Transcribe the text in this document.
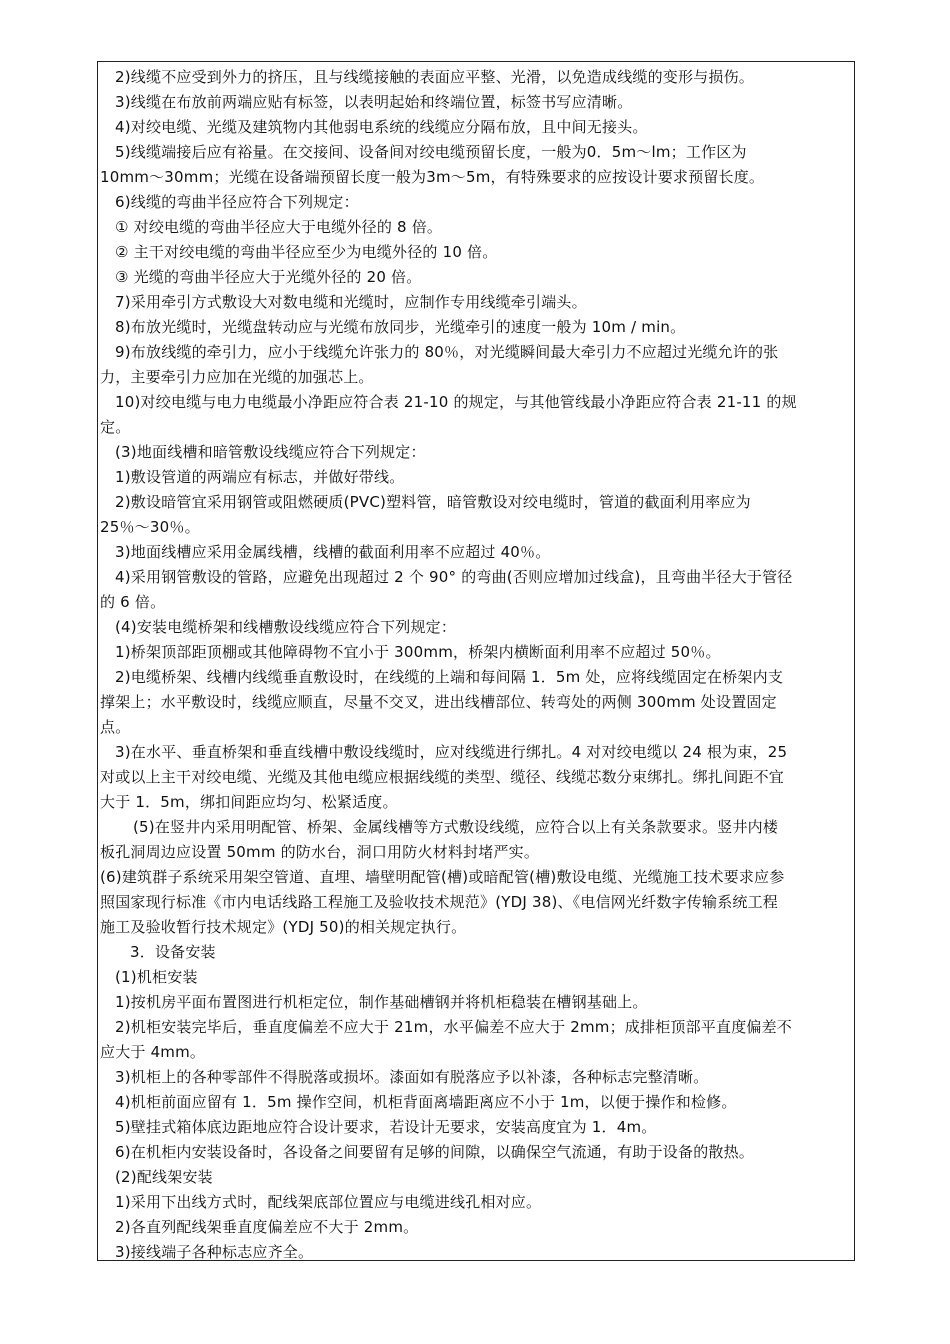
2)线缆不应受到外力的挤压，且与线缆接触的表面应平整、光滑，以免造成线缆的变形与损伤。
3)线缆在布放前两端应贴有标签，以表明起始和终端位置，标签书写应清晰。
4)对绞电缆、光缆及建筑物内其他弱电系统的线缆应分隔布放，且中间无接头。
5)线缆端接后应有裕量。在交接间、设备间对绞电缆预留长度，一般为0．5m～lm；工作区为
10mm～30mm；光缆在设备端预留长度一般为3m～5m，有特殊要求的应按设计要求预留长度。
6)线缆的弯曲半径应符合下列规定：
① 对绞电缆的弯曲半径应大于电缆外径的 8 倍。
② 主干对绞电缆的弯曲半径应至少为电缆外径的 10 倍。
③ 光缆的弯曲半径应大于光缆外径的 20 倍。
7)采用牵引方式敷设大对数电缆和光缆时，应制作专用线缆牵引端头。
8)布放光缆时，光缆盘转动应与光缆布放同步，光缆牵引的速度一般为 10m / min。
9)布放线缆的牵引力，应小于线缆允许张力的 80％，对光缆瞬间最大牵引力不应超过光缆允许的张
力，主要牵引力应加在光缆的加强芯上。
10)对绞电缆与电力电缆最小净距应符合表 21-10 的规定，与其他管线最小净距应符合表 21-11 的规
定。
(3)地面线槽和暗管敷设线缆应符合下列规定：
1)敷设管道的两端应有标志，并做好带线。
2)敷设暗管宜采用钢管或阻燃硬质(PVC)塑料管，暗管敷设对绞电缆时，管道的截面利用率应为
25％～30％。
3)地面线槽应采用金属线槽，线槽的截面利用率不应超过 40％。
4)采用钢管敷设的管路，应避免出现超过 2 个 90° 的弯曲(否则应增加过线盒)，且弯曲半径大于管径
的 6 倍。
(4)安装电缆桥架和线槽敷设线缆应符合下列规定：
1)桥架顶部距顶棚或其他障碍物不宜小于 300mm，桥架内横断面利用率不应超过 50％。
2)电缆桥架、线槽内线缆垂直敷设时，在线缆的上端和每间隔 1．5m 处，应将线缆固定在桥架内支
撑架上；水平敷设时，线缆应顺直，尽量不交叉，进出线槽部位、转弯处的两侧 300mm 处设置固定
点。
3)在水平、垂直桥架和垂直线槽中敷设线缆时，应对线缆进行绑扎。4 对对绞电缆以 24 根为束，25
对或以上主干对绞电缆、光缆及其他电缆应根据线缆的类型、缆径、线缆芯数分束绑扎。绑扎间距不宜
大于 1．5m，绑扣间距应均匀、松紧适度。
(5)在竖井内采用明配管、桥架、金属线槽等方式敷设线缆，应符合以上有关条款要求。竖井内楼
板孔洞周边应设置 50mm 的防水台，洞口用防火材料封堵严实。
(6)建筑群子系统采用架空管道、直埋、墙壁明配管(槽)或暗配管(槽)敷设电缆、光缆施工技术要求应参
照国家现行标准《市内电话线路工程施工及验收技术规范》(YDJ 38)、《电信网光纤数字传输系统工程
施工及验收暂行技术规定》(YDJ 50)的相关规定执行。
3．设备安装
(1)机柜安装
1)按机房平面布置图进行机柜定位，制作基础槽钢并将机柜稳装在槽钢基础上。
2)机柜安装完毕后，垂直度偏差不应大于 21m，水平偏差不应大于 2mm；成排柜顶部平直度偏差不
应大于 4mm。
3)机柜上的各种零部件不得脱落或损坏。漆面如有脱落应予以补漆，各种标志完整清晰。
4)机柜前面应留有 1．5m 操作空间，机柜背面离墙距离应不小于 1m，以便于操作和检修。
5)壁挂式箱体底边距地应符合设计要求，若设计无要求，安装高度宜为 1．4m。
6)在机柜内安装设备时，各设备之间要留有足够的间隙，以确保空气流通，有助于设备的散热。
(2)配线架安装
1)采用下出线方式时，配线架底部位置应与电缆进线孔相对应。
2)各直列配线架垂直度偏差应不大于 2mm。
3)接线端子各种标志应齐全。
